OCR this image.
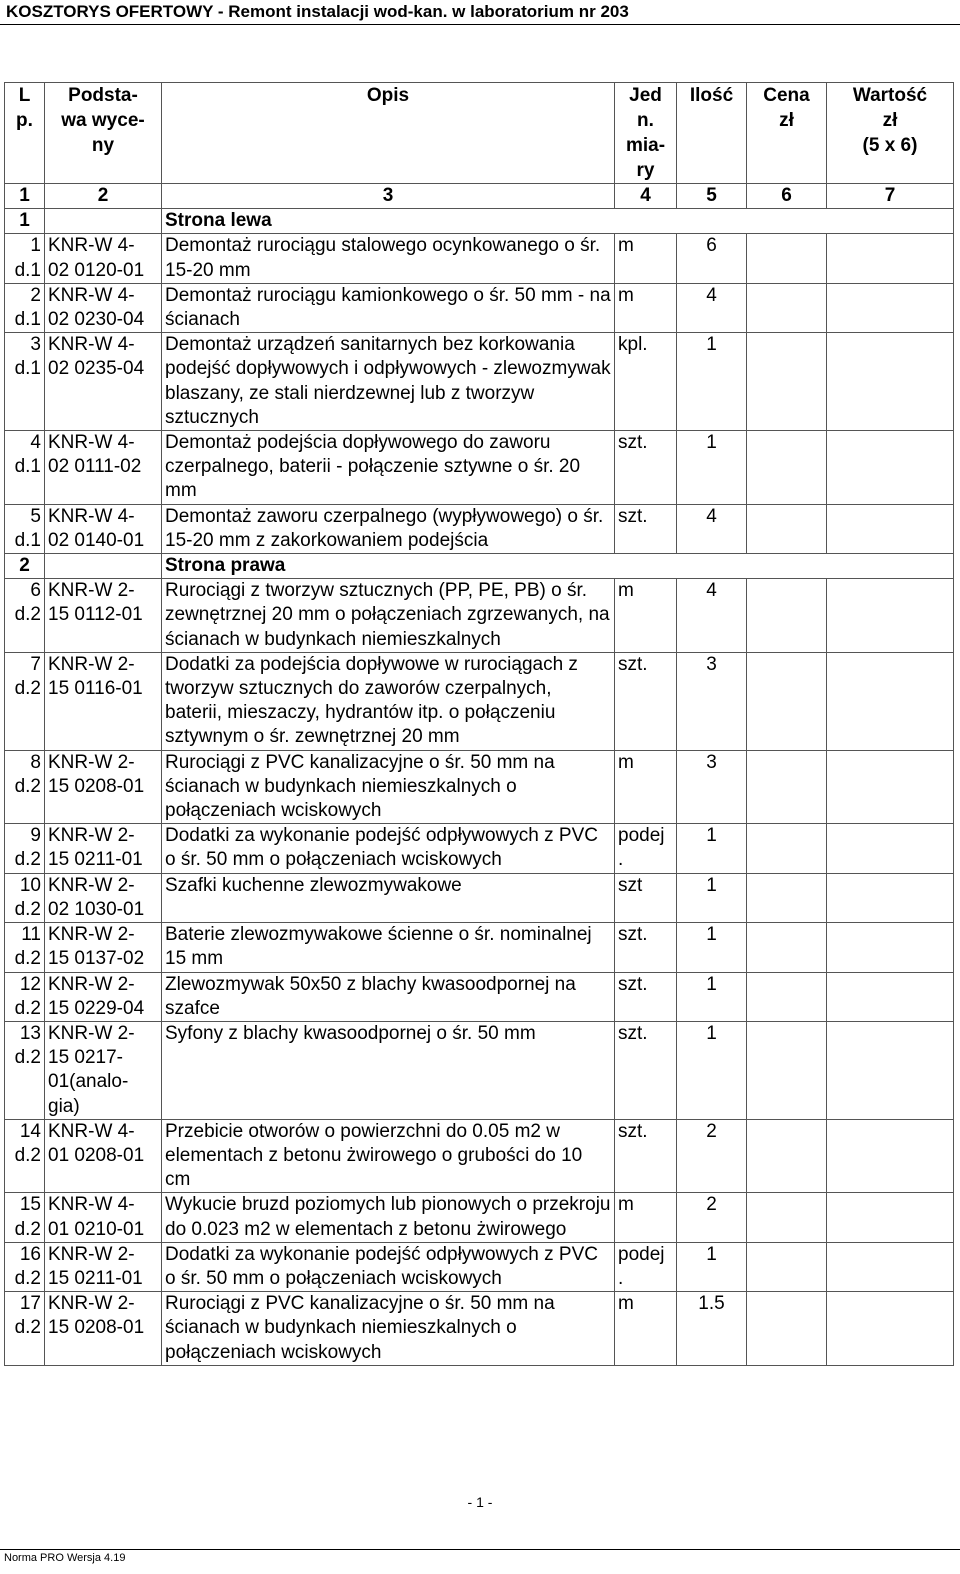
KOSZTORYS OFERTOWY - Remont instalacji wod-kan. w laboratorium nr 203
L
p.	Podsta-
wa wyce-
ny	Opis	Jed
n.
mia-
ry	Ilość	Cena
zł	Wartość
zł
(5 x 6)
1	2	3	4	5	6	7
1		Strona lewa				
1
d.1	KNR-W 4-
02 0120-01	Demontaż rurociągu stalowego ocynkowanego o śr. 15-20 mm	m	6		
2
d.1	KNR-W 4-
02 0230-04	Demontaż rurociągu kamionkowego o śr. 50 mm - na ścianach	m	4		
3
d.1	KNR-W 4-
02 0235-04	Demontaż urządzeń sanitarnych bez korkowania podejść dopływowych i odpływowych - zlewozmywak blaszany, ze stali nierdzewnej lub z tworzyw sztucznych	kpl.	1		
4
d.1	KNR-W 4-
02 0111-02	Demontaż podejścia dopływowego do zaworu czerpalnego, baterii - połączenie sztywne o śr. 20 mm	szt.	1		
5
d.1	KNR-W 4-
02 0140-01	Demontaż zaworu czerpalnego (wypływowego) o śr. 15-20 mm z zakorkowaniem podejścia	szt.	4		
2		Strona prawa				
6
d.2	KNR-W 2-
15 0112-01	Rurociągi z tworzyw sztucznych (PP, PE, PB) o śr. zewnętrznej 20 mm o połączeniach zgrzewanych, na ścianach w budynkach niemieszkalnych	m	4		
7
d.2	KNR-W 2-
15 0116-01	Dodatki za podejścia dopływowe w rurociągach z tworzyw sztucznych do zaworów czerpalnych, baterii, mieszaczy, hydrantów itp. o połączeniu sztywnym o śr. zewnętrznej 20 mm	szt.	3		
8
d.2	KNR-W 2-
15 0208-01	Rurociągi z PVC kanalizacyjne o śr. 50 mm na ścianach w budynkach niemieszkalnych o połączeniach wciskowych	m	3		
9
d.2	KNR-W 2-
15 0211-01	Dodatki za wykonanie podejść odpływowych z PVC o śr. 50 mm o połączeniach wciskowych	podej
.	1		
10
d.2	KNR-W 2-
02 1030-01	Szafki kuchenne zlewozmywakowe	szt	1		
11
d.2	KNR-W 2-
15 0137-02	Baterie zlewozmywakowe ścienne o śr. nominalnej 15 mm	szt.	1		
12
d.2	KNR-W 2-
15 0229-04	Zlewozmywak 50x50 z blachy kwasoodpornej na szafce	szt.	1		
13
d.2	KNR-W 2-
15 0217-
01(analo-
gia)	Syfony z blachy kwasoodpornej o śr. 50 mm	szt.	1		
14
d.2	KNR-W 4-
01 0208-01	Przebicie otworów o powierzchni do 0.05 m2 w elementach z betonu żwirowego o grubości do 10 cm	szt.	2		
15
d.2	KNR-W 4-
01 0210-01	Wykucie bruzd poziomych lub pionowych o przekroju do 0.023 m2 w elementach z betonu żwirowego	m	2		
16
d.2	KNR-W 2-
15 0211-01	Dodatki za wykonanie podejść odpływowych z PVC o śr. 50 mm o połączeniach wciskowych	podej
.	1		
17
d.2	KNR-W 2-
15 0208-01	Rurociągi z PVC kanalizacyjne o śr. 50 mm na ścianach w budynkach niemieszkalnych o połączeniach wciskowych	m	1.5		
- 1 -
Norma PRO Wersja 4.19
